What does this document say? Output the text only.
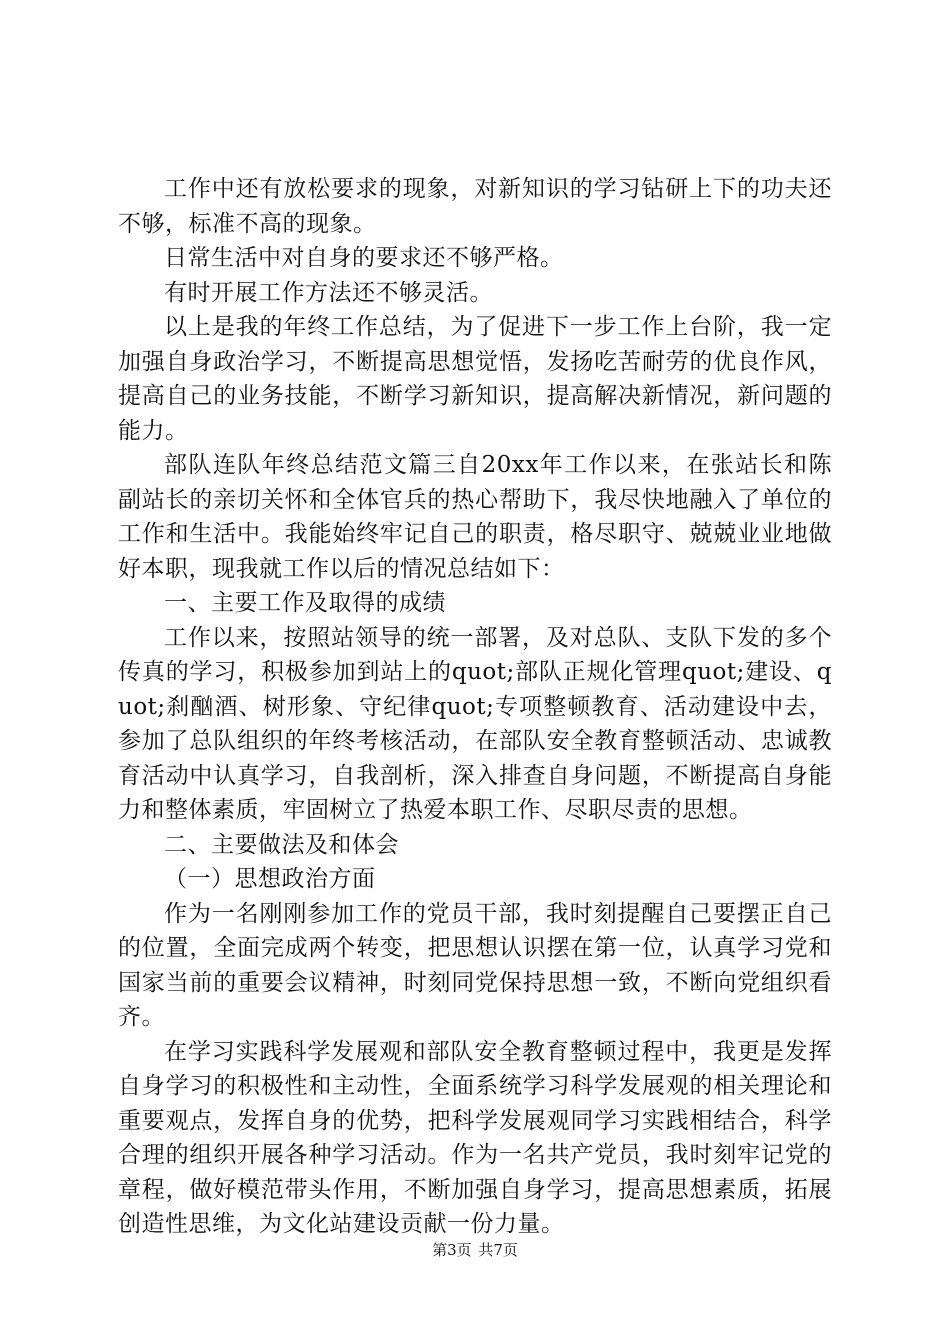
工作中还有放松要求的现象，对新知识的学习钻研上下的功夫还不够，标准不高的现象。

日常生活中对自身的要求还不够严格。

有时开展工作方法还不够灵活。

以上是我的年终工作总结，为了促进下一步工作上台阶，我一定加强自身政治学习，不断提高思想觉悟，发扬吃苦耐劳的优良作风，提高自己的业务技能，不断学习新知识，提高解决新情况，新问题的能力。

部队连队年终总结范文篇三自20xx年工作以来，在张站长和陈副站长的亲切关怀和全体官兵的热心帮助下，我尽快地融入了单位的工作和生活中。我能始终牢记自己的职责，格尽职守、兢兢业业地做好本职，现我就工作以后的情况总结如下：

一、主要工作及取得的成绩

工作以来，按照站领导的统一部署，及对总队、支队下发的多个传真的学习，积极参加到站上的quot;部队正规化管理quot;建设、quot;刹酗酒、树形象、守纪律quot;专项整顿教育、活动建设中去，参加了总队组织的年终考核活动，在部队安全教育整顿活动、忠诚教育活动中认真学习，自我剖析，深入排查自身问题，不断提高自身能力和整体素质，牢固树立了热爱本职工作、尽职尽责的思想。

二、主要做法及和体会

（一）思想政治方面

作为一名刚刚参加工作的党员干部，我时刻提醒自己要摆正自己的位置，全面完成两个转变，把思想认识摆在第一位，认真学习党和国家当前的重要会议精神，时刻同党保持思想一致，不断向党组织看齐。

在学习实践科学发展观和部队安全教育整顿过程中，我更是发挥自身学习的积极性和主动性，全面系统学习科学发展观的相关理论和重要观点，发挥自身的优势，把科学发展观同学习实践相结合，科学合理的组织开展各种学习活动。作为一名共产党员，我时刻牢记党的章程，做好模范带头作用，不断加强自身学习，提高思想素质，拓展创造性思维，为文化站建设贡献一份力量。

第3页 共7页
